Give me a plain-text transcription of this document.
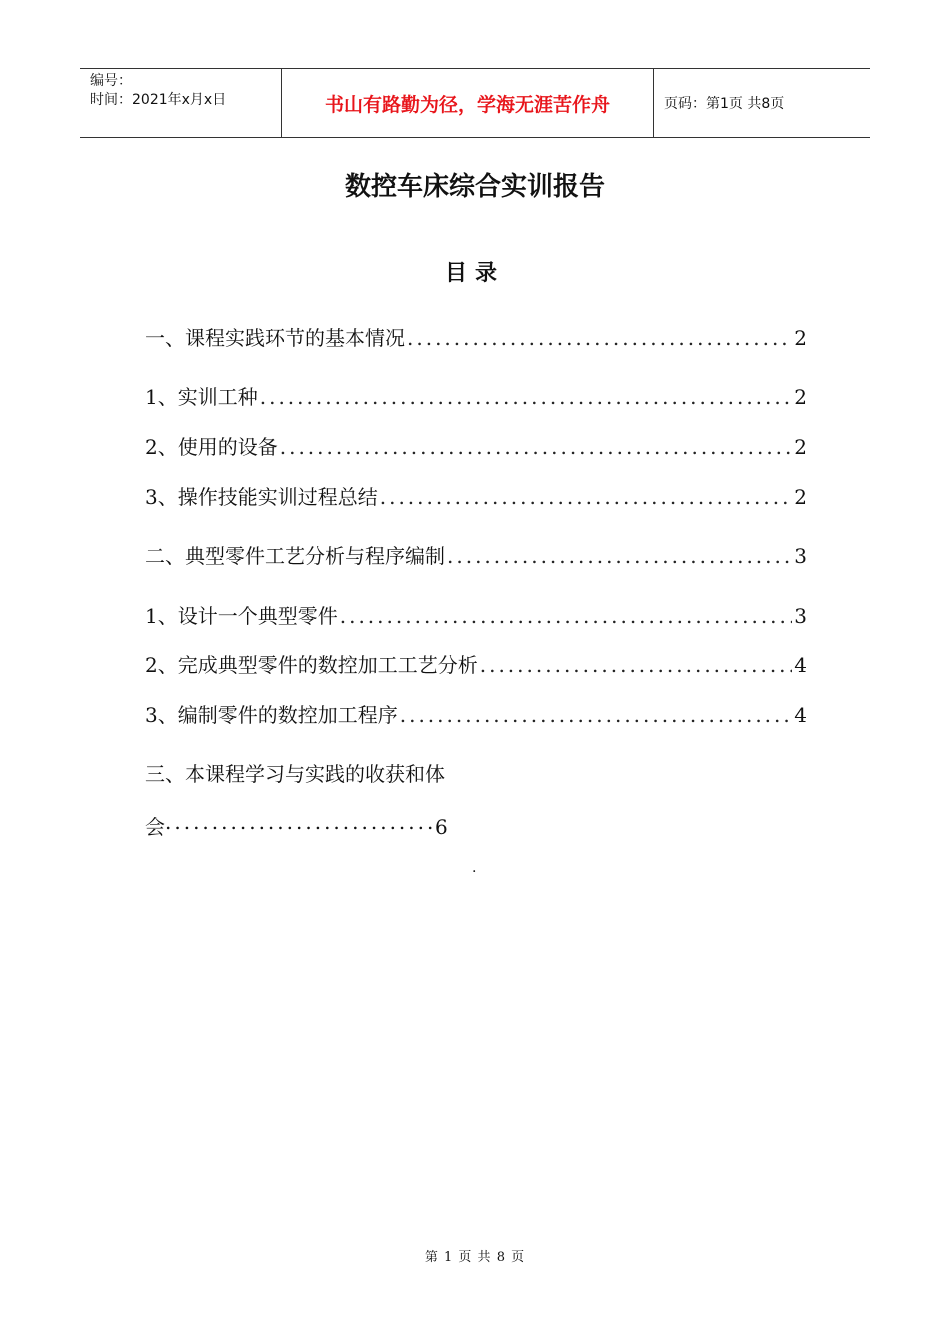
编号：
时间：2021年x月x日	书山有路勤为径，学海无涯苦作舟	页码：第1页 共8页
数控车床综合实训报告
目录
一、课程实践环节的基本情况 .....	2
1、实训工种 .....	2
2、使用的设备 .....	2
3、操作技能实训过程总结 .....	2
二、典型零件工艺分析与程序编制 .....	3
1、设计一个典型零件 .....	3
2、完成典型零件的数控加工工艺分析 .....	4
3、编制零件的数控加工程序 .....	4
三、本课程学习与实践的收获和体
会 .....	6
.
第 1 页 共 8 页
